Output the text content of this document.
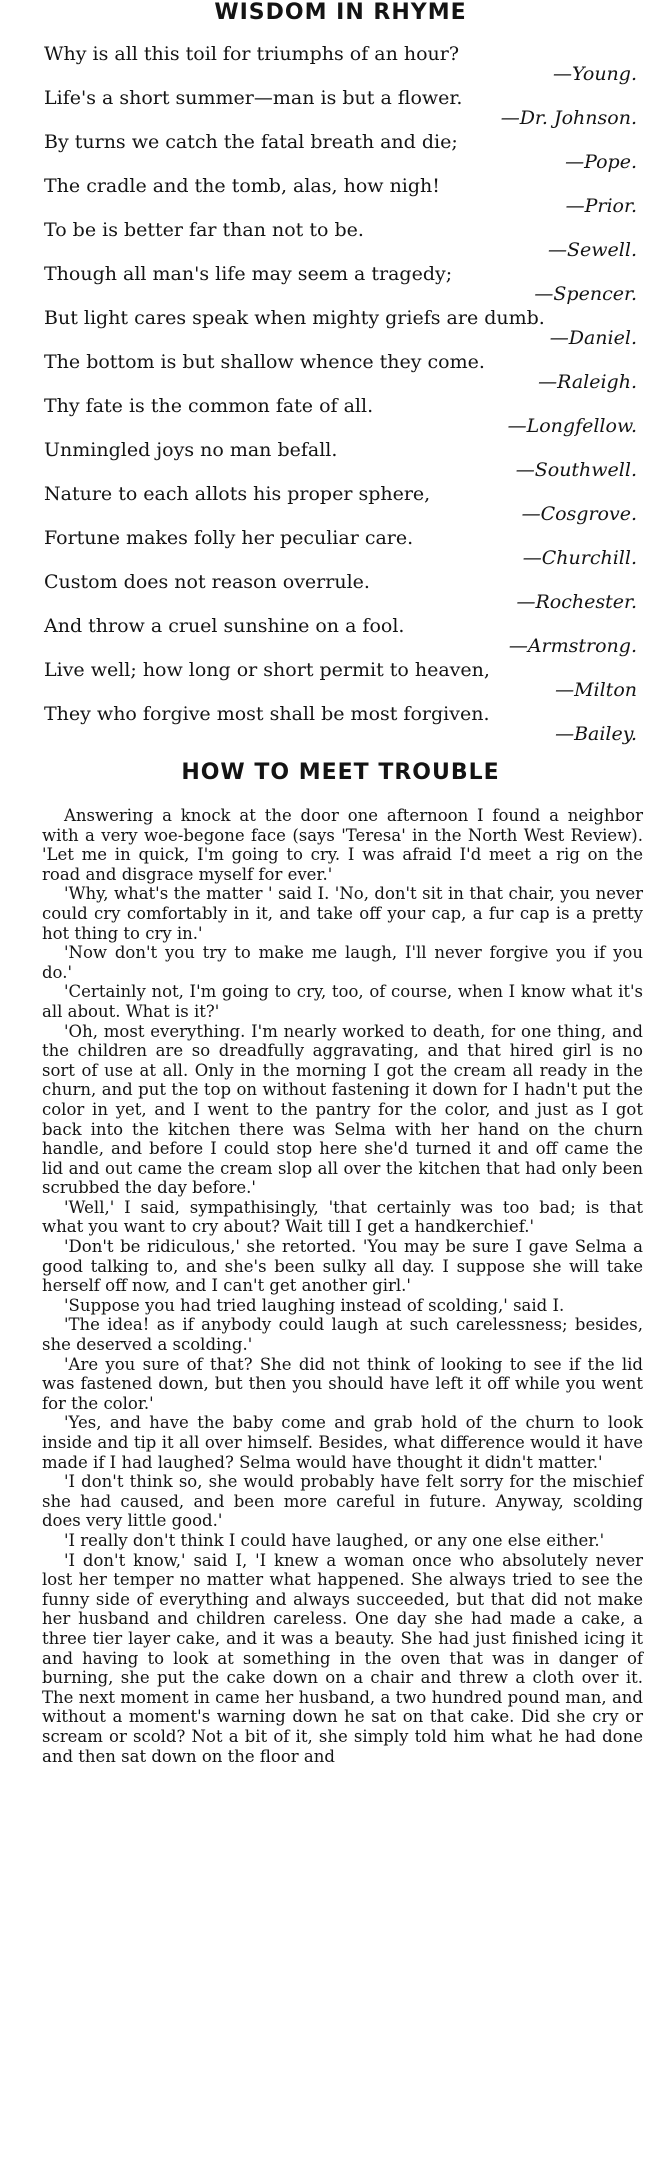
WISDOM IN RHYME
Why is all this toil for triumphs of an hour?
—Young.
Life's a short summer—man is but a flower.
—Dr. Johnson.
By turns we catch the fatal breath and die;
—Pope.
The cradle and the tomb, alas, how nigh!
—Prior.
To be is better far than not to be.
—Sewell.
Though all man's life may seem a tragedy;
—Spencer.
But light cares speak when mighty griefs are dumb.
—Daniel.
The bottom is but shallow whence they come.
—Raleigh.
Thy fate is the common fate of all.
—Longfellow.
Unmingled joys no man befall.
—Southwell.
Nature to each allots his proper sphere,
—Cosgrove.
Fortune makes folly her peculiar care.
—Churchill.
Custom does not reason overrule.
—Rochester.
And throw a cruel sunshine on a fool.
—Armstrong.
Live well; how long or short permit to heaven,
—Milton
They who forgive most shall be most forgiven.
—Bailey.
HOW TO MEET TROUBLE

Answering a knock at the door one afternoon I found a neighbor with a very woe-begone face (says 'Teresa' in the North West Review). 'Let me in quick, I'm going to cry. I was afraid I'd meet a rig on the road and disgrace myself for ever.'

'Why, what's the matter ' said I. 'No, don't sit in that chair, you never could cry comfortably in it, and take off your cap, a fur cap is a pretty hot thing to cry in.'

'Now don't you try to make me laugh, I'll never forgive you if you do.'

'Certainly not, I'm going to cry, too, of course, when I know what it's all about. What is it?'

'Oh, most everything. I'm nearly worked to death, for one thing, and the children are so dreadfully aggravating, and that hired girl is no sort of use at all. Only in the morning I got the cream all ready in the churn, and put the top on without fastening it down for I hadn't put the color in yet, and I went to the pantry for the color, and just as I got back into the kitchen there was Selma with her hand on the churn handle, and before I could stop here she'd turned it and off came the lid and out came the cream slop all over the kitchen that had only been scrubbed the day before.'

'Well,' I said, sympathisingly, 'that certainly was too bad; is that what you want to cry about? Wait till I get a handkerchief.'

'Don't be ridiculous,' she retorted. 'You may be sure I gave Selma a good talking to, and she's been sulky all day. I suppose she will take herself off now, and I can't get another girl.'

'Suppose you had tried laughing instead of scolding,' said I.

'The idea! as if anybody could laugh at such carelessness; besides, she deserved a scolding.'

'Are you sure of that? She did not think of looking to see if the lid was fastened down, but then you should have left it off while you went for the color.'

'Yes, and have the baby come and grab hold of the churn to look inside and tip it all over himself. Besides, what difference would it have made if I had laughed? Selma would have thought it didn't matter.'

'I don't think so, she would probably have felt sorry for the mischief she had caused, and been more careful in future. Anyway, scolding does very little good.'

'I really don't think I could have laughed, or any one else either.'

'I don't know,' said I, 'I knew a woman once who absolutely never lost her temper no matter what happened. She always tried to see the funny side of everything and always succeeded, but that did not make her husband and children careless. One day she had made a cake, a three tier layer cake, and it was a beauty. She had just finished icing it and having to look at something in the oven that was in danger of burning, she put the cake down on a chair and threw a cloth over it. The next moment in came her husband, a two hundred pound man, and without a moment's warning down he sat on that cake. Did she cry or scream or scold? Not a bit of it, she simply told him what he had done and then sat down on the floor and
